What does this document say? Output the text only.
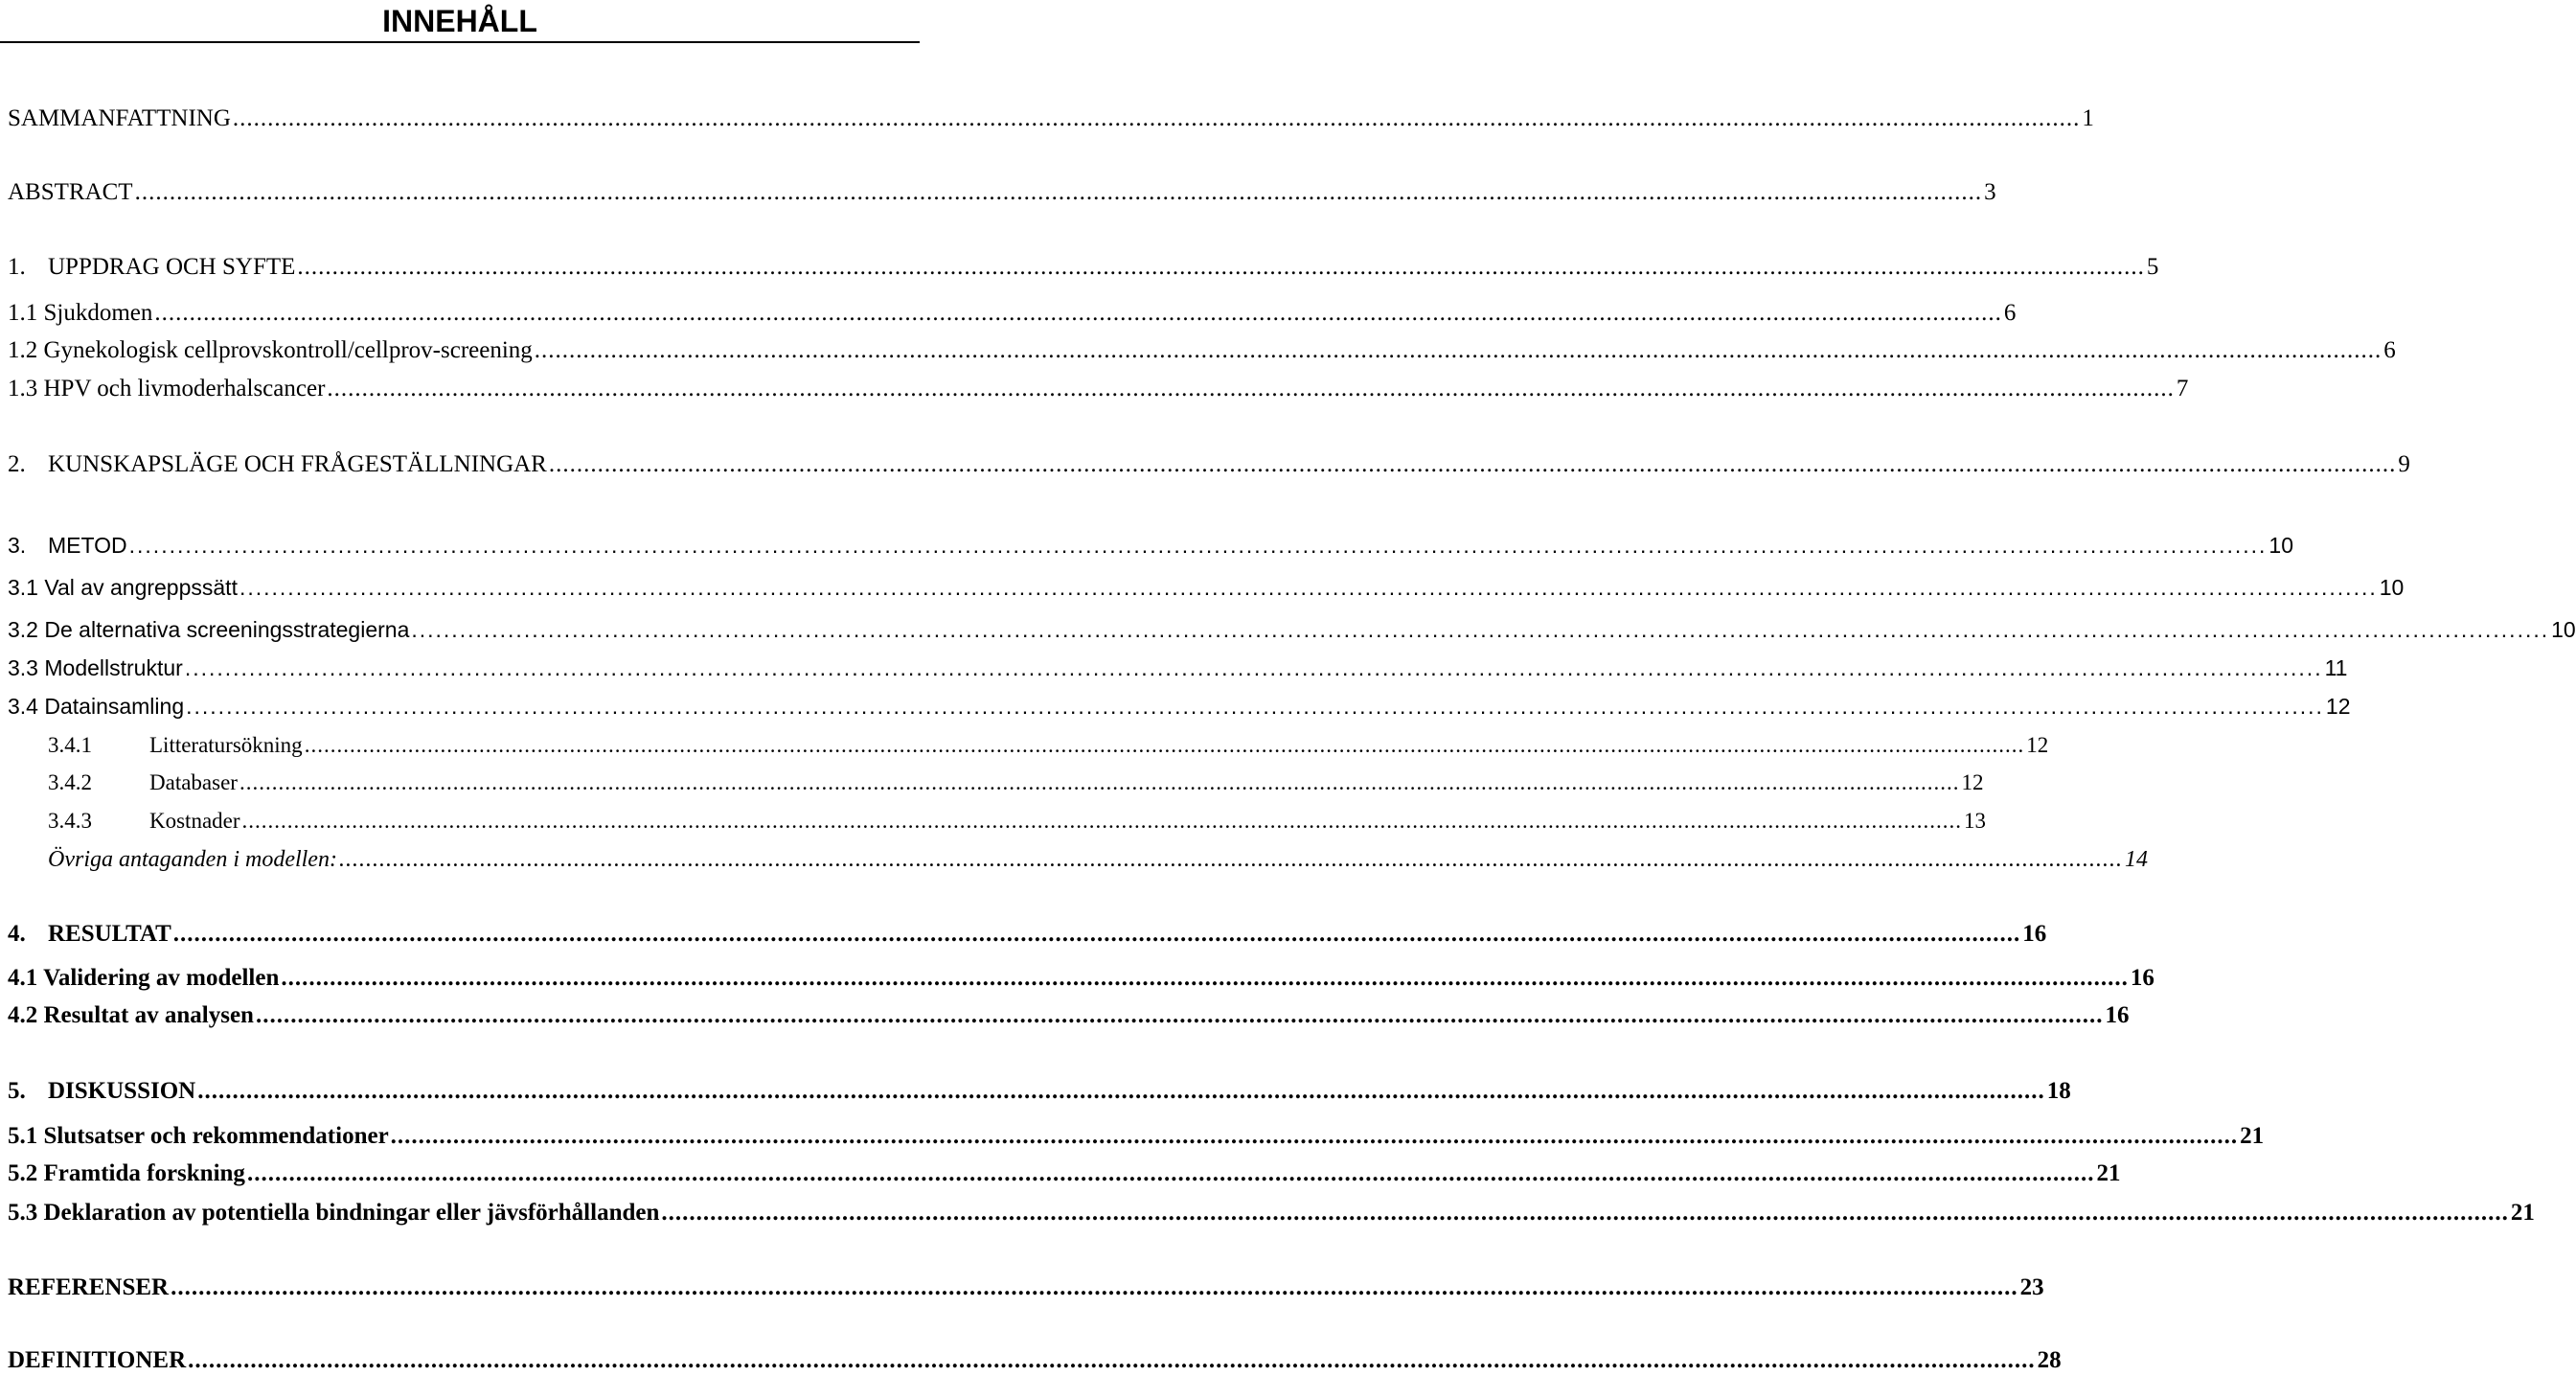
INNEHÅLL
SAMMANFATTNING .......................................................................................................................................................................................................................................................................... 1
ABSTRACT .......................................................................................................................................................................................................................................................................... 3
1. UPPDRAG OCH SYFTE .......................................................................................................................................................................................................................................................................... 5
1.1 Sjukdomen .......................................................................................................................................................................................................................................................................... 6
1.2 Gynekologisk cellprovskontroll/cellprov-screening .......................................................................................................................................................................................................................................................................... 6
1.3 HPV och livmoderhalscancer .......................................................................................................................................................................................................................................................................... 7
2. KUNSKAPSLÄGE OCH FRÅGESTÄLLNINGAR .......................................................................................................................................................................................................................................................................... 9
3. METOD .......................................................................................................................................................................................................................................................................... 10
3.1 Val av angreppssätt .......................................................................................................................................................................................................................................................................... 10
3.2 De alternativa screeningsstrategierna .......................................................................................................................................................................................................................................................................... 10
3.3 Modellstruktur .......................................................................................................................................................................................................................................................................... 11
3.4 Datainsamling .......................................................................................................................................................................................................................................................................... 12
3.4.1	Litteratursökning .......................................................................................................................................................................................................................................................................... 12
3.4.2	Databaser .......................................................................................................................................................................................................................................................................... 12
3.4.3	Kostnader .......................................................................................................................................................................................................................................................................... 13
Övriga antaganden i modellen: .......................................................................................................................................................................................................................................................................... 14
4. RESULTAT .......................................................................................................................................................................................................................................................................... 16
4.1 Validering av modellen .......................................................................................................................................................................................................................................................................... 16
4.2 Resultat av analysen .......................................................................................................................................................................................................................................................................... 16
5. DISKUSSION .......................................................................................................................................................................................................................................................................... 18
5.1 Slutsatser och rekommendationer .......................................................................................................................................................................................................................................................................... 21
5.2 Framtida forskning .......................................................................................................................................................................................................................................................................... 21
5.3 Deklaration av potentiella bindningar eller jävsförhållanden .......................................................................................................................................................................................................................................................................... 21
REFERENSER .......................................................................................................................................................................................................................................................................... 23
DEFINITIONER .......................................................................................................................................................................................................................................................................... 28
